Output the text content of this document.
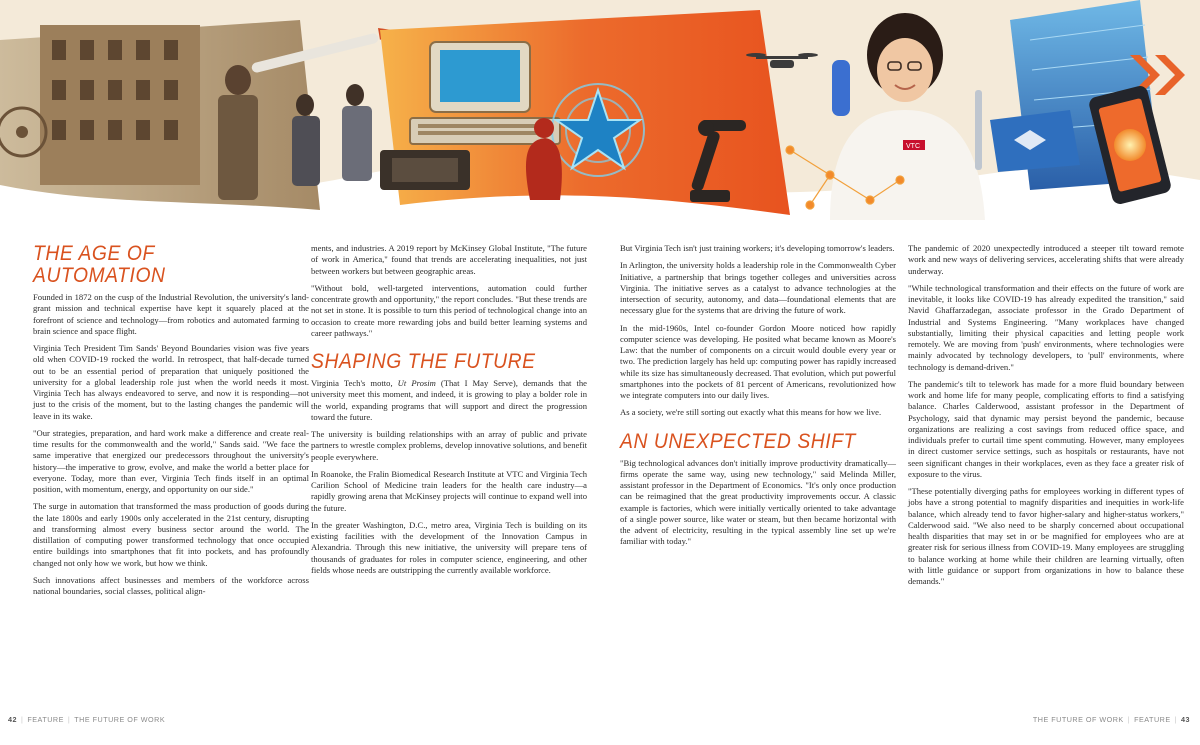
VTC
THE AGE OF AUTOMATION

Founded in 1872 on the cusp of the Industrial Revolution, the university's land-grant mission and technical expertise have kept it squarely placed at the forefront of science and technology—from robotics and automated farming to brain science and space flight.

Virginia Tech President Tim Sands' Beyond Boundaries vision was five years old when COVID-19 rocked the world. In retrospect, that half-decade turned out to be an essential period of preparation that uniquely positioned the university for a global leadership role just when the world needs it most. Virginia Tech has always endeavored to serve, and now it is responding—not just to the crisis of the moment, but to the lasting changes the pandemic will leave in its wake.

"Our strategies, preparation, and hard work make a difference and create real-time results for the commonwealth and the world," Sands said. "We face the same imperative that energized our predecessors throughout the university's history—the imperative to grow, evolve, and make the world a better place for everyone. Today, more than ever, Virginia Tech finds itself in an optimal position, with momentum, energy, and opportunity on our side."

The surge in automation that transformed the mass production of goods during the late 1800s and early 1900s only accelerated in the 21st century, disrupting and transforming almost every business sector around the world. The distillation of computing power transformed technology that once occupied entire buildings into smartphones that fit into pockets, and has profoundly changed not only how we work, but how we think.

Such innovations affect businesses and members of the workforce across national boundaries, social classes, political align-

ments, and industries. A 2019 report by McKinsey Global Institute, "The future of work in America," found that trends are accelerating inequalities, not just between workers but between geographic areas.

"Without bold, well-targeted interventions, automation could further concentrate growth and opportunity," the report concludes. "But these trends are not set in stone. It is possible to turn this period of technological change into an occasion to create more rewarding jobs and build better learning systems and career pathways."

SHAPING THE FUTURE

Virginia Tech's motto, Ut Prosim (That I May Serve), demands that the university meet this moment, and indeed, it is growing to play a bolder role in the world, expanding programs that will support and direct the progression toward the future.

The university is building relationships with an array of public and private partners to wrestle complex problems, develop innovative solutions, and benefit people everywhere.

In Roanoke, the Fralin Biomedical Research Institute at VTC and Virginia Tech Carilion School of Medicine train leaders for the health care industry—a rapidly growing arena that McKinsey projects will continue to expand well into the future.

In the greater Washington, D.C., metro area, Virginia Tech is building on its existing facilities with the development of the Innovation Campus in Alexandria. Through this new initiative, the university will prepare tens of thousands of graduates for roles in computer science, engineering, and other fields whose needs are outstripping the currently available workforce.

But Virginia Tech isn't just training workers; it's developing tomorrow's leaders.

In Arlington, the university holds a leadership role in the Commonwealth Cyber Initiative, a partnership that brings together colleges and universities across Virginia. The initiative serves as a catalyst to advance technologies at the intersection of security, autonomy, and data—foundational elements that are necessary glue for the systems that are driving the future of work.

In the mid-1960s, Intel co-founder Gordon Moore noticed how rapidly computer science was developing. He posited what became known as Moore's Law: that the number of components on a circuit would double every year or two. The prediction largely has held up: computing power has rapidly increased while its size has simultaneously decreased. That evolution, which put powerful smartphones into the pockets of 81 percent of Americans, revolutionized how we integrate computers into our daily lives.

As a society, we're still sorting out exactly what this means for how we live.

AN UNEXPECTED SHIFT

"Big technological advances don't initially improve productivity dramatically—firms operate the same way, using new technology," said Melinda Miller, assistant professor in the Department of Economics. "It's only once production can be reimagined that the great productivity improvements occur. A classic example is factories, which were initially vertically oriented to take advantage of a single power source, like water or steam, but then became horizontal with the advent of electricity, resulting in the typical assembly line set up we're familiar with today."

The pandemic of 2020 unexpectedly introduced a steeper tilt toward remote work and new ways of delivering services, accelerating shifts that were already underway.

"While technological transformation and their effects on the future of work are inevitable, it looks like COVID-19 has already expedited the transition," said Navid Ghaffarzadegan, associate professor in the Grado Department of Industrial and Systems Engineering. "Many workplaces have changed substantially, limiting their physical capacities and letting people work remotely. We are moving from 'push' environments, where technologies were mainly advocated by technology developers, to 'pull' environments, where technology is demand-driven."

The pandemic's tilt to telework has made for a more fluid boundary between work and home life for many people, complicating efforts to find a satisfying balance. Charles Calderwood, assistant professor in the Department of Psychology, said that dynamic may persist beyond the pandemic, because organizations are realizing a cost savings from reduced office space, and individuals prefer to curtail time spent commuting. However, many employees in direct customer service settings, such as hospitals or restaurants, have not seen significant changes in their workplaces, even as they face a greater risk of exposure to the virus.

"These potentially diverging paths for employees working in different types of jobs have a strong potential to magnify disparities and inequities in work-life balance, which already tend to favor higher-salary and higher-status workers," Calderwood said. "We also need to be sharply concerned about occupational health disparities that may set in or be magnified for employees who are at greater risk for serious illness from COVID-19. Many employees are struggling to balance working at home while their children are learning virtually, often with little guidance or support from organizations in how to balance these demands."

42 | FEATURE | THE FUTURE OF WORK	THE FUTURE OF WORK | FEATURE | 43
